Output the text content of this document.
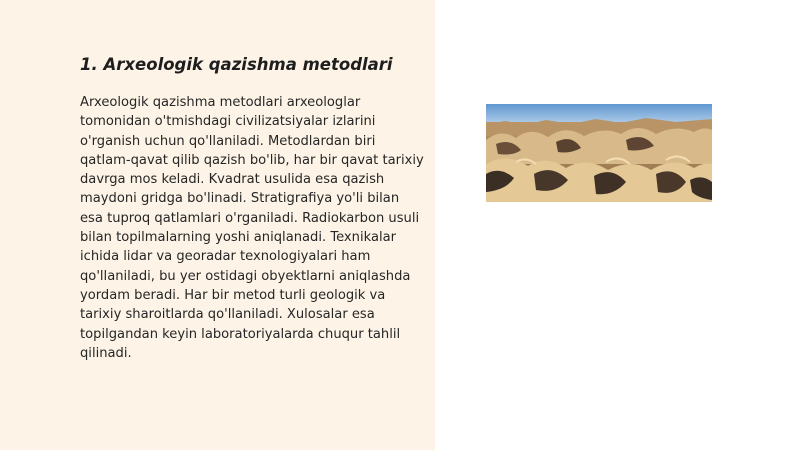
1. Arxeologik qazishma metodlari

Arxeologik qazishma metodlari arxeologlar tomonidan o'tmishdagi civilizatsiyalar izlarini o'rganish uchun qo'llaniladi. Metodlardan biri qatlam-qavat qilib qazish bo'lib, har bir qavat tarixiy davrga mos keladi. Kvadrat usulida esa qazish maydoni gridga bo'linadi. Stratigrafiya yo'li bilan esa tuproq qatlamlari o'rganiladi. Radiokarbon usuli bilan topilmalarning yoshi aniqlanadi. Texnikalar ichida lidar va georadar texnologiyalari ham qo'llaniladi, bu yer ostidagi obyektlarni aniqlashda yordam beradi. Har bir metod turli geologik va tarixiy sharoitlarda qo'llaniladi. Xulosalar esa topilgandan keyin laboratoriyalarda chuqur tahlil qilinadi.
